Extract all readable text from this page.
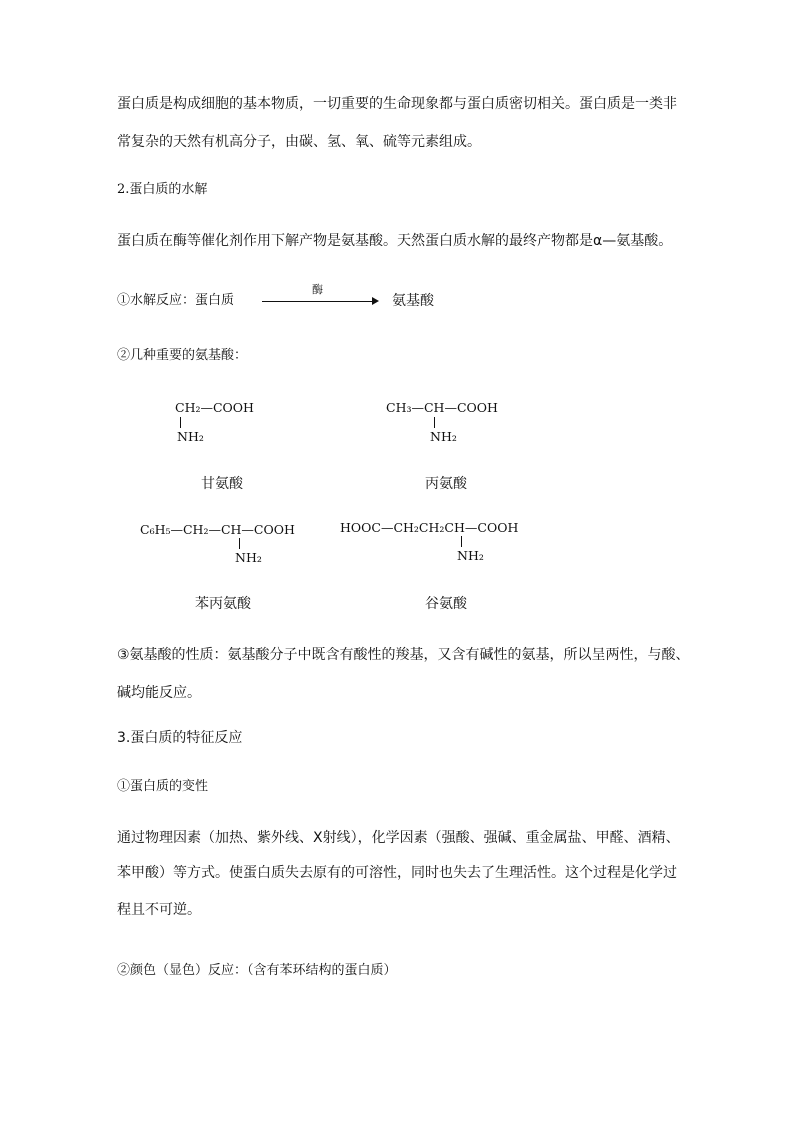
蛋白质是构成细胞的基本物质，一切重要的生命现象都与蛋白质密切相关。蛋白质是一类非
常复杂的天然有机高分子，由碳、氢、氧、硫等元素组成。
2.蛋白质的水解
蛋白质在酶等催化剂作用下解产物是氨基酸。天然蛋白质水解的最终产物都是α—氨基酸。
①水解反应：蛋白质
酶
氨基酸
②几种重要的氨基酸：
CH₂—COOH
NH₂
甘氨酸
CH₃—CH—COOH
NH₂
丙氨酸
C₆H₅—CH₂—CH—COOH
NH₂
苯丙氨酸
HOOC—CH₂CH₂CH—COOH
NH₂
谷氨酸
③氨基酸的性质：氨基酸分子中既含有酸性的羧基，又含有碱性的氨基，所以呈两性，与酸、
碱均能反应。
3.蛋白质的特征反应
①蛋白质的变性
通过物理因素（加热、紫外线、X射线），化学因素（强酸、强碱、重金属盐、甲醛、酒精、
苯甲酸）等方式。使蛋白质失去原有的可溶性，同时也失去了生理活性。这个过程是化学过
程且不可逆。
②颜色（显色）反应：（含有苯环结构的蛋白质）
